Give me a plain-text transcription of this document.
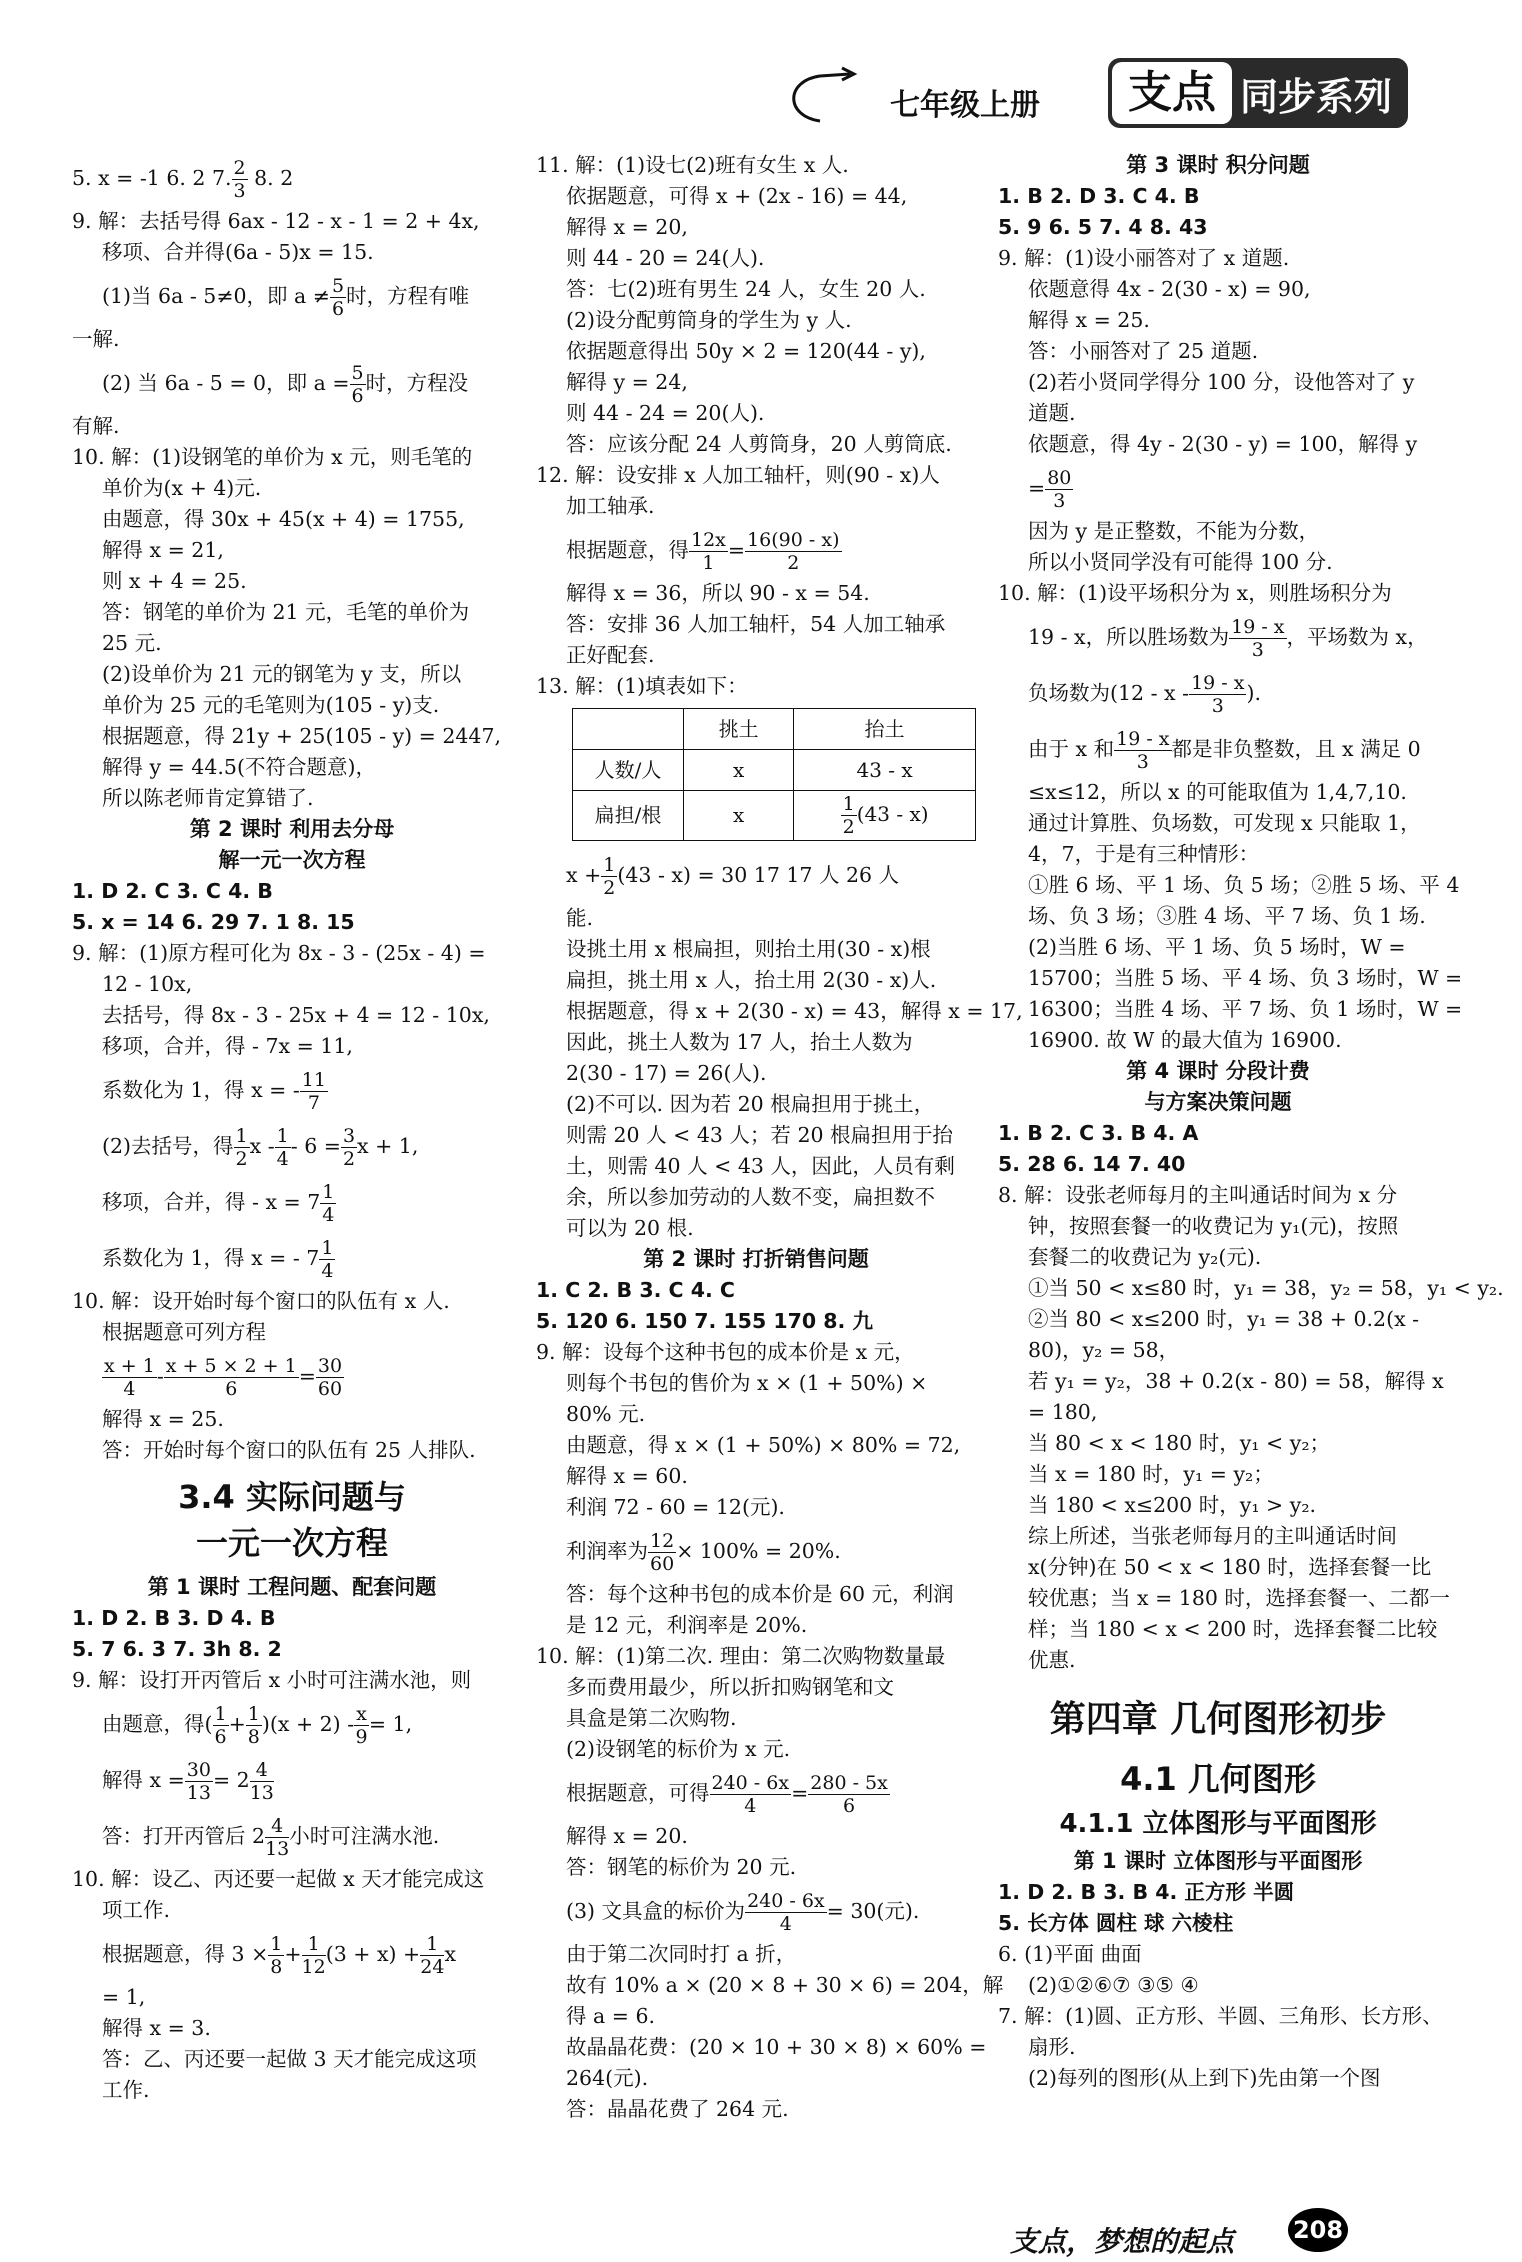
七年级上册	支点 同步系列
5. x = -1 6. 2 7. $\frac{2}{3} 8$. 2
9. 解：去括号得 6ax - 12 - x - 1 = 2 + 4x,
移项、合并得(6a - 5)x = 15.
(1)当 6a - 5≠0，即 $a \ne \frac{5}{6}$ 时，方程有唯
一解.
(2) 当 6a - 5 = 0，即 $a = \frac{5}{6}$ 时，方程没
有解.
10. 解：(1)设钢笔的单价为 x 元，则毛笔的
单价为(x + 4)元.
由题意，得 30x + 45(x + 4) = 1755,
解得 x = 21,
则 x + 4 = 25.
答：钢笔的单价为 21 元，毛笔的单价为
25 元.
(2)设单价为 21 元的钢笔为 y 支，所以
单价为 25 元的毛笔则为(105 - y)支.
根据题意，得 21y + 25(105 - y) = 2447,
解得 y = 44.5(不符合题意)，
所以陈老师肯定算错了.
第 2 课时 利用去分母
解一元一次方程
1. D 2. C 3. C 4. B
5. x = 14 6. 29 7. 1 8. 15
9. 解：(1)原方程可化为 8x - 3 - (25x - 4) =
12 - 10x,
去括号，得 8x - 3 - 25x + 4 = 12 - 10x,
移项，合并，得 - 7x = 11,
系数化为 1，得 x = - $\frac{11}{7}$
(2)去括号，得 $\frac{1}{2}$ $x - \frac{1}{4} - 6 = \frac{3}{2}$ x + 1,
移项，合并，得 - $x = 7 \frac{1}{4}$
系数化为 1，得 x = - $7 \frac{1}{4}$
10. 解：设开始时每个窗口的队伍有 x 人.
根据题意可列方程
$\frac{x + 1}{4} - \frac{x + 5 \times 2 + 1}{6} = \frac{30}{60}$
解得 x = 25.
答：开始时每个窗口的队伍有 25 人排队.
3.4 实际问题与
一元一次方程
第 1 课时 工程问题、配套问题
1. D 2. B 3. D 4. B
5. 7 6. 3 7. 3h 8. 2
9. 解：设打开丙管后 x 小时可注满水池，则
由题意，得( $\frac{1}{6} + \frac{1}{8} )(x + 2) - \frac{x}{9} = 1$,
解得 $x = \frac{30}{13} = 2 \frac{4}{13}$
答：打开丙管后 $2 \frac{4}{13}$ 小时可注满水池.
10. 解：设乙、丙还要一起做 x 天才能完成这
项工作.
根据题意，得 $3 \times \frac{1}{8} + \frac{1}{12} (3 + x) + \frac{1}{24}$ x
= 1,
解得 x = 3.
答：乙、丙还要一起做 3 天才能完成这项
工作.
11. 解：(1)设七(2)班有女生 x 人.
依据题意，可得 x + (2x - 16) = 44,
解得 x = 20,
则 44 - 20 = 24(人).
答：七(2)班有男生 24 人，女生 20 人.
(2)设分配剪筒身的学生为 y 人.
依据题意得出 50y × 2 = 120(44 - y),
解得 y = 24,
则 44 - 24 = 20(人).
答：应该分配 24 人剪筒身，20 人剪筒底.
12. 解：设安排 x 人加工轴杆，则(90 - x)人
加工轴承.
根据题意，得 $\frac{12x}{1} = \frac{16(90 - x)}{2}$
解得 x = 36，所以 90 - x = 54.
答：安排 36 人加工轴杆，54 人加工轴承
正好配套.
13. 解：(1)填表如下：
	挑土	抬土
人数/人	x	43 - x
扁担/根	x	$\frac{1}{2} (43 - x)$
$x + \frac{1}{2} (43 - x) = 30$ 17 17 人 26 人
能.
设挑土用 x 根扁担，则抬土用(30 - x)根
扁担，挑土用 x 人，抬土用 2(30 - x)人.
根据题意，得 x + 2(30 - x) = 43，解得 x = 17,
因此，挑土人数为 17 人，抬土人数为
2(30 - 17) = 26(人).
(2)不可以. 因为若 20 根扁担用于挑土，
则需 20 人 < 43 人；若 20 根扁担用于抬
土，则需 40 人 < 43 人，因此，人员有剩
余，所以参加劳动的人数不变，扁担数不
可以为 20 根.
第 2 课时 打折销售问题
1. C 2. B 3. C 4. C
5. 120 6. 150 7. 155 170 8. 九
9. 解：设每个这种书包的成本价是 x 元，
则每个书包的售价为 x × (1 + 50%) ×
80% 元.
由题意，得 x × (1 + 50%) × 80% = 72,
解得 x = 60.
利润 72 - 60 = 12(元).
利润率为 $\frac{12}{60} \times 100\% = 20\%$.
答：每个这种书包的成本价是 60 元，利润
是 12 元，利润率是 20%.
10. 解：(1)第二次. 理由：第二次购物数量最
多而费用最少，所以折扣购钢笔和文
具盒是第二次购物.
(2)设钢笔的标价为 x 元.
根据题意，可得 $\frac{240 - 6x}{4} = \frac{280 - 5x}{6}$
解得 x = 20.
答：钢笔的标价为 20 元.
(3) 文具盒的标价为 $\frac{240 - 6x}{4} = 30$(元).
由于第二次同时打 a 折，
故有 10% a × (20 × 8 + 30 × 6) = 204，解
得 a = 6.
故晶晶花费：(20 × 10 + 30 × 8) × 60% =
264(元).
答：晶晶花费了 264 元.
第 3 课时 积分问题
1. B 2. D 3. C 4. B
5. 9 6. 5 7. 4 8. 43
9. 解：(1)设小丽答对了 x 道题.
依题意得 4x - 2(30 - x) = 90,
解得 x = 25.
答：小丽答对了 25 道题.
(2)若小贤同学得分 100 分，设他答对了 y
道题.
依题意，得 4y - 2(30 - y) = 100，解得 y
= $\frac{80}{3}$
因为 y 是正整数，不能为分数，
所以小贤同学没有可能得 100 分.
10. 解：(1)设平场积分为 x，则胜场积分为
19 - x，所以胜场数为 $\frac{19 - x}{3}$ ，平场数为 x，
负场数为(12 - x - $\frac{19 - x}{3}$ ).
由于 x 和 $\frac{19 - x}{3}$ 都是非负整数，且 x 满足 0
≤x≤12，所以 x 的可能取值为 1,4,7,10.
通过计算胜、负场数，可发现 x 只能取 1，
4，7，于是有三种情形：
①胜 6 场、平 1 场、负 5 场；②胜 5 场、平 4
场、负 3 场；③胜 4 场、平 7 场、负 1 场.
(2)当胜 6 场、平 1 场、负 5 场时，W =
15700；当胜 5 场、平 4 场、负 3 场时，W =
16300；当胜 4 场、平 7 场、负 1 场时，W =
16900. 故 W 的最大值为 16900.
第 4 课时 分段计费
与方案决策问题
1. B 2. C 3. B 4. A
5. 28 6. 14 7. 40
8. 解：设张老师每月的主叫通话时间为 x 分
钟，按照套餐一的收费记为 y₁(元)，按照
套餐二的收费记为 y₂(元).
①当 50 < x≤80 时，y₁ = 38，y₂ = 58，y₁ < y₂.
②当 80 < x≤200 时，y₁ = 38 + 0.2(x -
80)，y₂ = 58，
若 y₁ = y₂，38 + 0.2(x - 80) = 58，解得 x
= 180,
当 80 < x < 180 时，y₁ < y₂；
当 x = 180 时，y₁ = y₂；
当 180 < x≤200 时，y₁ > y₂.
综上所述，当张老师每月的主叫通话时间
x(分钟)在 50 < x < 180 时，选择套餐一比
较优惠；当 x = 180 时，选择套餐一、二都一
样；当 180 < x < 200 时，选择套餐二比较
优惠.
第四章 几何图形初步
4.1 几何图形
4.1.1 立体图形与平面图形
第 1 课时 立体图形与平面图形
1. D 2. B 3. B 4. 正方形 半圆
5. 长方体 圆柱 球 六棱柱
6. (1)平面 曲面
(2)①②⑥⑦ ③⑤ ④
7. 解：(1)圆、正方形、半圆、三角形、长方形、
扇形.
(2)每列的图形(从上到下)先由第一个图
支点，梦想的起点 208
